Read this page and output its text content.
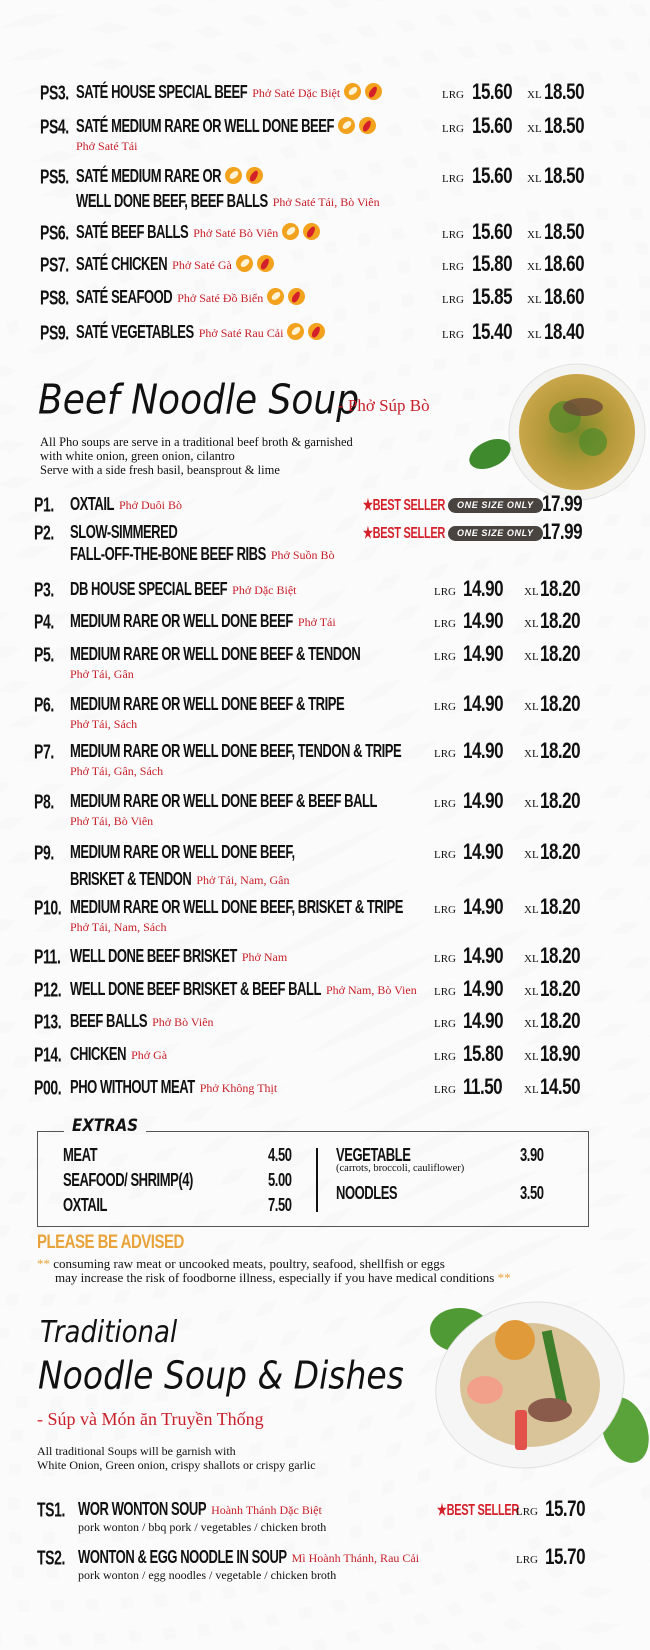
PS3. SATÉ HOUSE SPECIAL BEEF Phở Saté Dặc Biệt	LRG 15.60 XL 18.50
PS4. SATÉ MEDIUM RARE OR WELL DONE BEEF
Phở Saté Tái
LRG 15.60 XL 18.50
PS5. SATÉ MEDIUM RARE OR
WELL DONE BEEF, BEEF BALLS Phở Saté Tái, Bò Viên
LRG 15.60 XL 18.50
PS6. SATÉ BEEF BALLS Phở Saté Bò Viên	LRG 15.60 XL 18.50
PS7. SATÉ CHICKEN Phở Saté Gà	LRG 15.80 XL 18.60
PS8. SATÉ SEAFOOD Phở Saté Đồ Biển	LRG 15.85 XL 18.60
PS9. SATÉ VEGETABLES Phở Saté Rau Cải	LRG 15.40 XL 18.40
Beef Noodle Soup
- Phở Súp Bò
All Pho soups are serve in a traditional beef broth & garnished
with white onion, green onion, cilantro
Serve with a side fresh basil, beansprout & lime
P1. OXTAIL Phở Duôi Bò	★BEST SELLER	ONE SIZE ONLY 17.99
P2. SLOW-SIMMERED
FALL-OFF-THE-BONE BEEF RIBS Phở Suồn Bò
★BEST SELLER	ONE SIZE ONLY 17.99
P3. DB HOUSE SPECIAL BEEF Phở Dặc Biệt	LRG 14.90 XL 18.20
P4. MEDIUM RARE OR WELL DONE BEEF Phở Tái	LRG 14.90 XL 18.20
P5. MEDIUM RARE OR WELL DONE BEEF & TENDON
Phở Tái, Gân
LRG 14.90 XL 18.20
P6. MEDIUM RARE OR WELL DONE BEEF & TRIPE
Phở Tái, Sách
LRG 14.90 XL 18.20
P7. MEDIUM RARE OR WELL DONE BEEF, TENDON & TRIPE
Phở Tái, Gân, Sách
LRG 14.90 XL 18.20
P8. MEDIUM RARE OR WELL DONE BEEF & BEEF BALL
Phở Tái, Bò Viên
LRG 14.90 XL 18.20
P9. MEDIUM RARE OR WELL DONE BEEF,
BRISKET & TENDON Phở Tái, Nam, Gân
LRG 14.90 XL 18.20
P10. MEDIUM RARE OR WELL DONE BEEF, BRISKET & TRIPE
Phở Tái, Nam, Sách
LRG 14.90 XL 18.20
P11. WELL DONE BEEF BRISKET Phở Nam	LRG 14.90 XL 18.20
P12. WELL DONE BEEF BRISKET & BEEF BALL Phở Nam, Bò Vien LRG 14.90 XL 18.20
P13. BEEF BALLS Phở Bò Viên	LRG 14.90 XL 18.20
P14. CHICKEN Phở Gà	LRG 15.80 XL 18.90
P00. PHO WITHOUT MEAT Phở Không Thịt	LRG 11.50 XL 14.50
EXTRAS
MEAT	4.50
SEAFOOD/ SHRIMP(4)	5.00
OXTAIL	7.50
VEGETABLE	3.90
(carrots, broccoli, cauliflower)
NOODLES	3.50
PLEASE BE ADVISED
** consuming raw meat or uncooked meats, poultry, seafood, shellfish or eggs
may increase the risk of foodborne illness, especially if you have medical conditions **
Traditional
Noodle Soup & Dishes
- Súp và Món ăn Truyền Thống
All traditional Soups will be garnish with
White Onion, Green onion, crispy shallots or crispy garlic
TS1. WOR WONTON SOUP Hoành Thánh Dặc Biệt
pork wonton / bbq pork / vegetables / chicken broth
★BEST SELLER
LRG 15.70
TS2. WONTON & EGG NOODLE IN SOUP Mì Hoành Thánh, Rau Cải
pork wonton / egg noodles / vegetable / chicken broth
LRG 15.70
